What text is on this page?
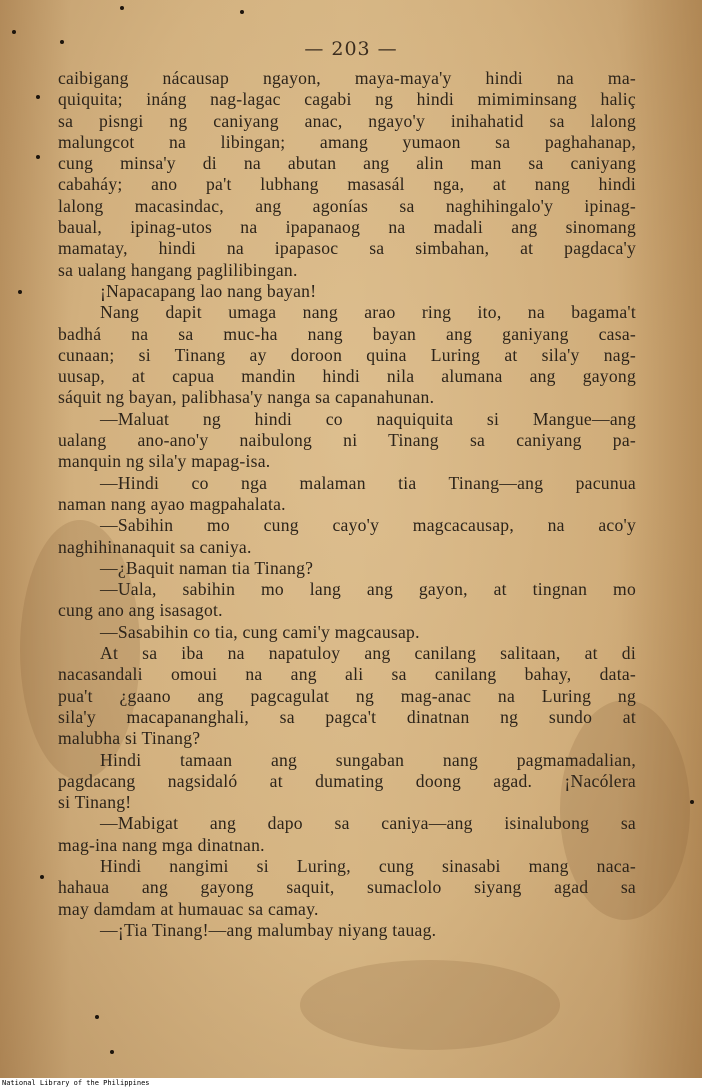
— 203 —
caibigang nácausap ngayon, maya-maya'y hindi na ma-
quiquita; ináng nag-lagac cagabi ng hindi mimiminsang haliç
sa pisngi ng caniyang anac, ngayo'y inihahatid sa lalong
malungcot na libingan; amang yumaon sa paghahanap,
cung minsa'y di na abutan ang alin man sa caniyang
cabaháy; ano pa't lubhang masasál nga, at nang hindi
lalong macasindac, ang agonías sa naghihingalo'y ipinag-
baual, ipinag-utos na ipapanaog na madali ang sinomang
mamatay, hindi na ipapasoc sa simbahan, at pagdaca'y
sa ualang hangang paglilibingan.
¡Napacapang lao nang bayan!
Nang dapit umaga nang arao ring ito, na bagama't
badhá na sa muc-ha nang bayan ang ganiyang casa-
cunaan; si Tinang ay doroon quina Luring at sila'y nag-
uusap, at capua mandin hindi nila alumana ang gayong
sáquit ng bayan, palibhasa'y nanga sa capanahunan.
—Maluat ng hindi co naquiquita si Mangue—ang
ualang ano-ano'y naibulong ni Tinang sa caniyang pa-
manquin ng sila'y mapag-isa.
—Hindi co nga malaman tia Tinang—ang pacunua
naman nang ayao magpahalata.
—Sabihin mo cung cayo'y magcacausap, na aco'y
naghihinanaquit sa caniya.
—¿Baquit naman tia Tinang?
—Uala, sabihin mo lang ang gayon, at tingnan mo
cung ano ang isasagot.
—Sasabihin co tia, cung cami'y magcausap.
At sa iba na napatuloy ang canilang salitaan, at di
nacasandali omoui na ang ali sa canilang bahay, data-
pua't ¿gaano ang pagcagulat ng mag-anac na Luring ng
sila'y macapananghali, sa pagca't dinatnan ng sundo at
malubha si Tinang?
Hindi tamaan ang sungaban nang pagmamadalian,
pagdacang nagsidaló at dumating doong agad. ¡Nacólera
si Tinang!
—Mabigat ang dapo sa caniya—ang isinalubong sa
mag-ina nang mga dinatnan.
Hindi nangimi si Luring, cung sinasabi mang naca-
hahaua ang gayong saquit, sumaclolo siyang agad sa
may damdam at humauac sa camay.
—¡Tia Tinang!—ang malumbay niyang tauag.
National Library of the Philippines
